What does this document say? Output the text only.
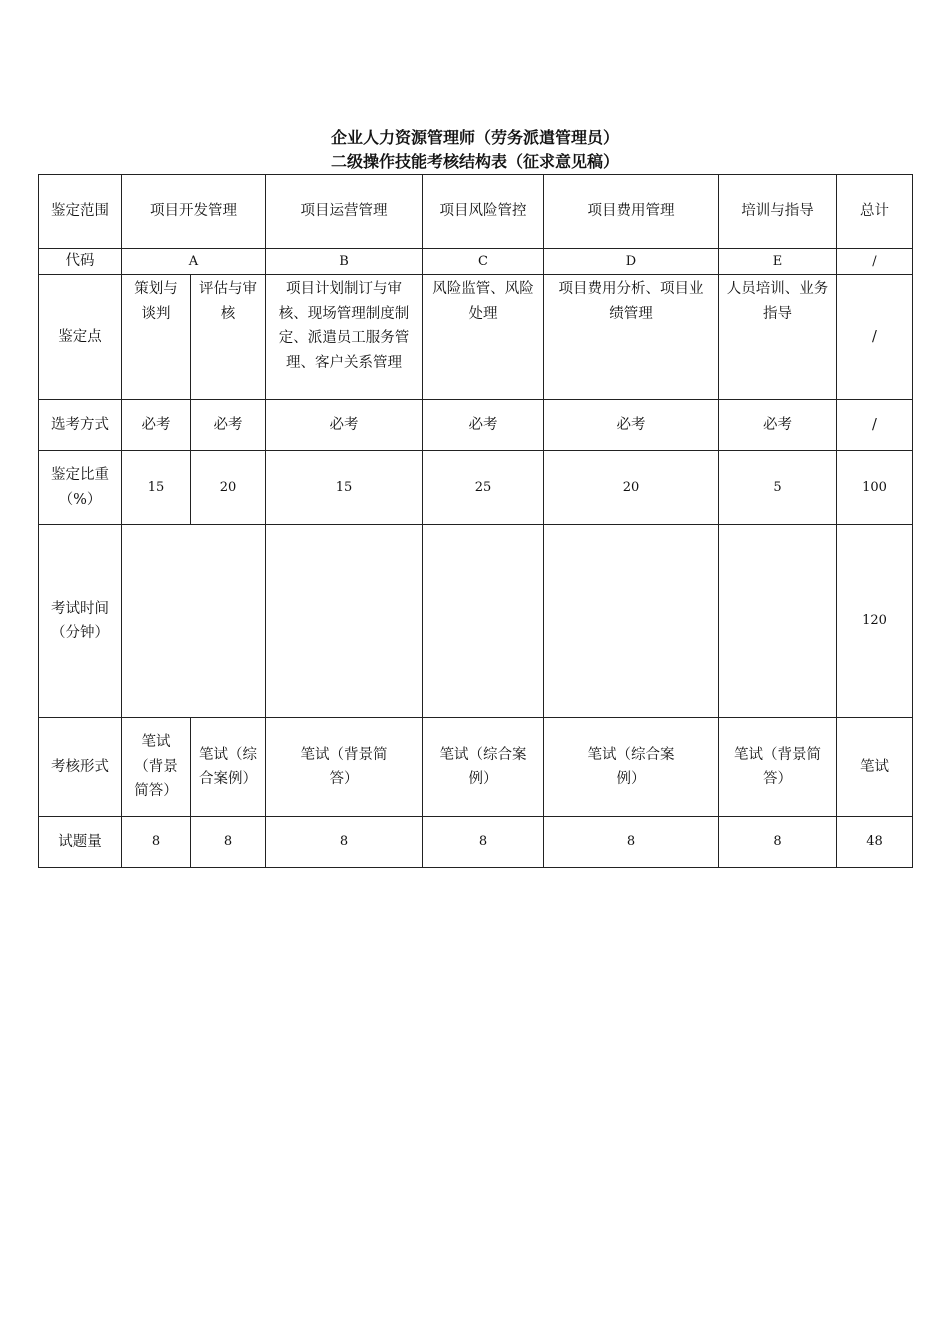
企业人力资源管理师（劳务派遣管理员）
二级操作技能考核结构表（征求意见稿）
鉴定范围	项目开发管理		项目运营管理	项目风险管控	项目费用管理	培训与指导	总计
代码	A		B	C	D	E	/
鉴定点	策划与谈判	评估与审核	项目计划制订与审核、现场管理制度制定、派遣员工服务管理、客户关系管理	风险监管、风险处理	项目费用分析、项目业绩管理	人员培训、业务指导	/

选考方式	必考	必考	必考	必考	必考	必考	/

鉴定比重（%）	15	20	15	25	20	5	100

考试时间（分钟）							120

考核形式	笔试（背景简答）	笔试（综合案例）	笔试（背景简答）	笔试（综合案例）	笔试（综合案例）	笔试（背景简答）	笔试
试题量	8	8	8	8	8	8	48
